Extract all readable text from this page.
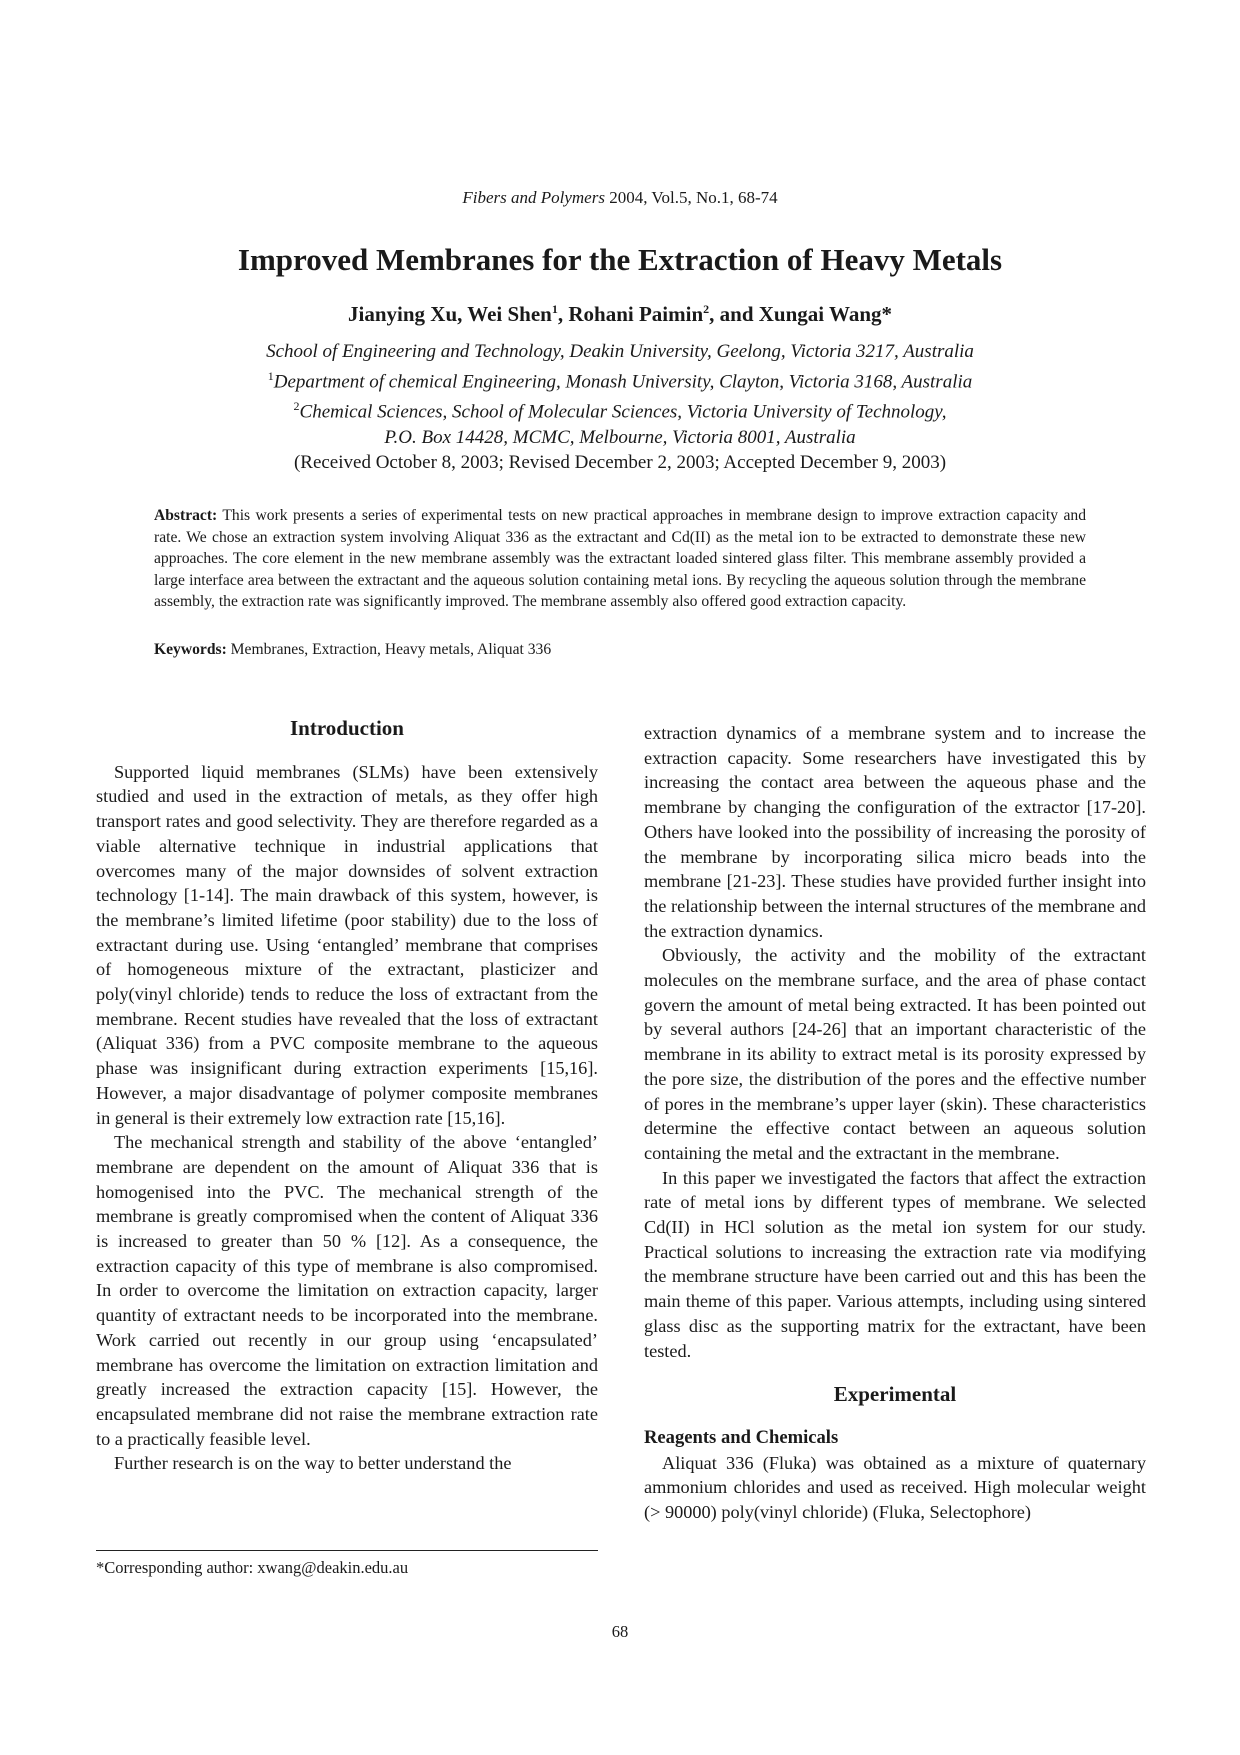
Fibers and Polymers 2004, Vol.5, No.1, 68-74
Improved Membranes for the Extraction of Heavy Metals
Jianying Xu, Wei Shen$^1$, Rohani Paimin$^2$, and Xungai Wang*
School of Engineering and Technology, Deakin University, Geelong, Victoria 3217, Australia
$^1$Department of chemical Engineering, Monash University, Clayton, Victoria 3168, Australia
$^2$Chemical Sciences, School of Molecular Sciences, Victoria University of Technology,
P.O. Box 14428, MCMC, Melbourne, Victoria 8001, Australia
(Received October 8, 2003; Revised December 2, 2003; Accepted December 9, 2003)
Abstract: This work presents a series of experimental tests on new practical approaches in membrane design to improve extraction capacity and rate. We chose an extraction system involving Aliquat 336 as the extractant and Cd(II) as the metal ion to be extracted to demonstrate these new approaches. The core element in the new membrane assembly was the extractant loaded sintered glass filter. This membrane assembly provided a large interface area between the extractant and the aqueous solution containing metal ions. By recycling the aqueous solution through the membrane assembly, the extraction rate was significantly improved. The membrane assembly also offered good extraction capacity.
Keywords: Membranes, Extraction, Heavy metals, Aliquat 336
Introduction

Supported liquid membranes (SLMs) have been extensively studied and used in the extraction of metals, as they offer high transport rates and good selectivity. They are therefore regarded as a viable alternative technique in industrial applications that overcomes many of the major downsides of solvent extraction technology [1-14]. The main drawback of this system, however, is the membrane’s limited lifetime (poor stability) due to the loss of extractant during use. Using ‘entangled’ membrane that comprises of homogeneous mixture of the extractant, plasticizer and poly(vinyl chloride) tends to reduce the loss of extractant from the membrane. Recent studies have revealed that the loss of extractant (Aliquat 336) from a PVC composite membrane to the aqueous phase was insignificant during extraction experiments [15,16]. However, a major disadvantage of polymer composite membranes in general is their extremely low extraction rate [15,16].

The mechanical strength and stability of the above ‘entangled’ membrane are dependent on the amount of Aliquat 336 that is homogenised into the PVC. The mechanical strength of the membrane is greatly compromised when the content of Aliquat 336 is increased to greater than 50 % [12]. As a consequence, the extraction capacity of this type of membrane is also compromised. In order to overcome the limitation on extraction capacity, larger quantity of extractant needs to be incorporated into the membrane. Work carried out recently in our group using ‘encapsulated’ membrane has overcome the limitation on extraction limitation and greatly increased the extraction capacity [15]. However, the encapsulated membrane did not raise the membrane extraction rate to a practically feasible level.

Further research is on the way to better understand the

extraction dynamics of a membrane system and to increase the extraction capacity. Some researchers have investigated this by increasing the contact area between the aqueous phase and the membrane by changing the configuration of the extractor [17-20]. Others have looked into the possibility of increasing the porosity of the membrane by incorporating silica micro beads into the membrane [21-23]. These studies have provided further insight into the relationship between the internal structures of the membrane and the extraction dynamics.

Obviously, the activity and the mobility of the extractant molecules on the membrane surface, and the area of phase contact govern the amount of metal being extracted. It has been pointed out by several authors [24-26] that an important characteristic of the membrane in its ability to extract metal is its porosity expressed by the pore size, the distribution of the pores and the effective number of pores in the membrane’s upper layer (skin). These characteristics determine the effective contact between an aqueous solution containing the metal and the extractant in the membrane.

In this paper we investigated the factors that affect the extraction rate of metal ions by different types of membrane. We selected Cd(II) in HCl solution as the metal ion system for our study. Practical solutions to increasing the extraction rate via modifying the membrane structure have been carried out and this has been the main theme of this paper. Various attempts, including using sintered glass disc as the supporting matrix for the extractant, have been tested.

Experimental
Reagents and Chemicals

Aliquat 336 (Fluka) was obtained as a mixture of quaternary ammonium chlorides and used as received. High molecular weight (> 90000) poly(vinyl chloride) (Fluka, Selectophore)

*Corresponding author: xwang@deakin.edu.au
68
